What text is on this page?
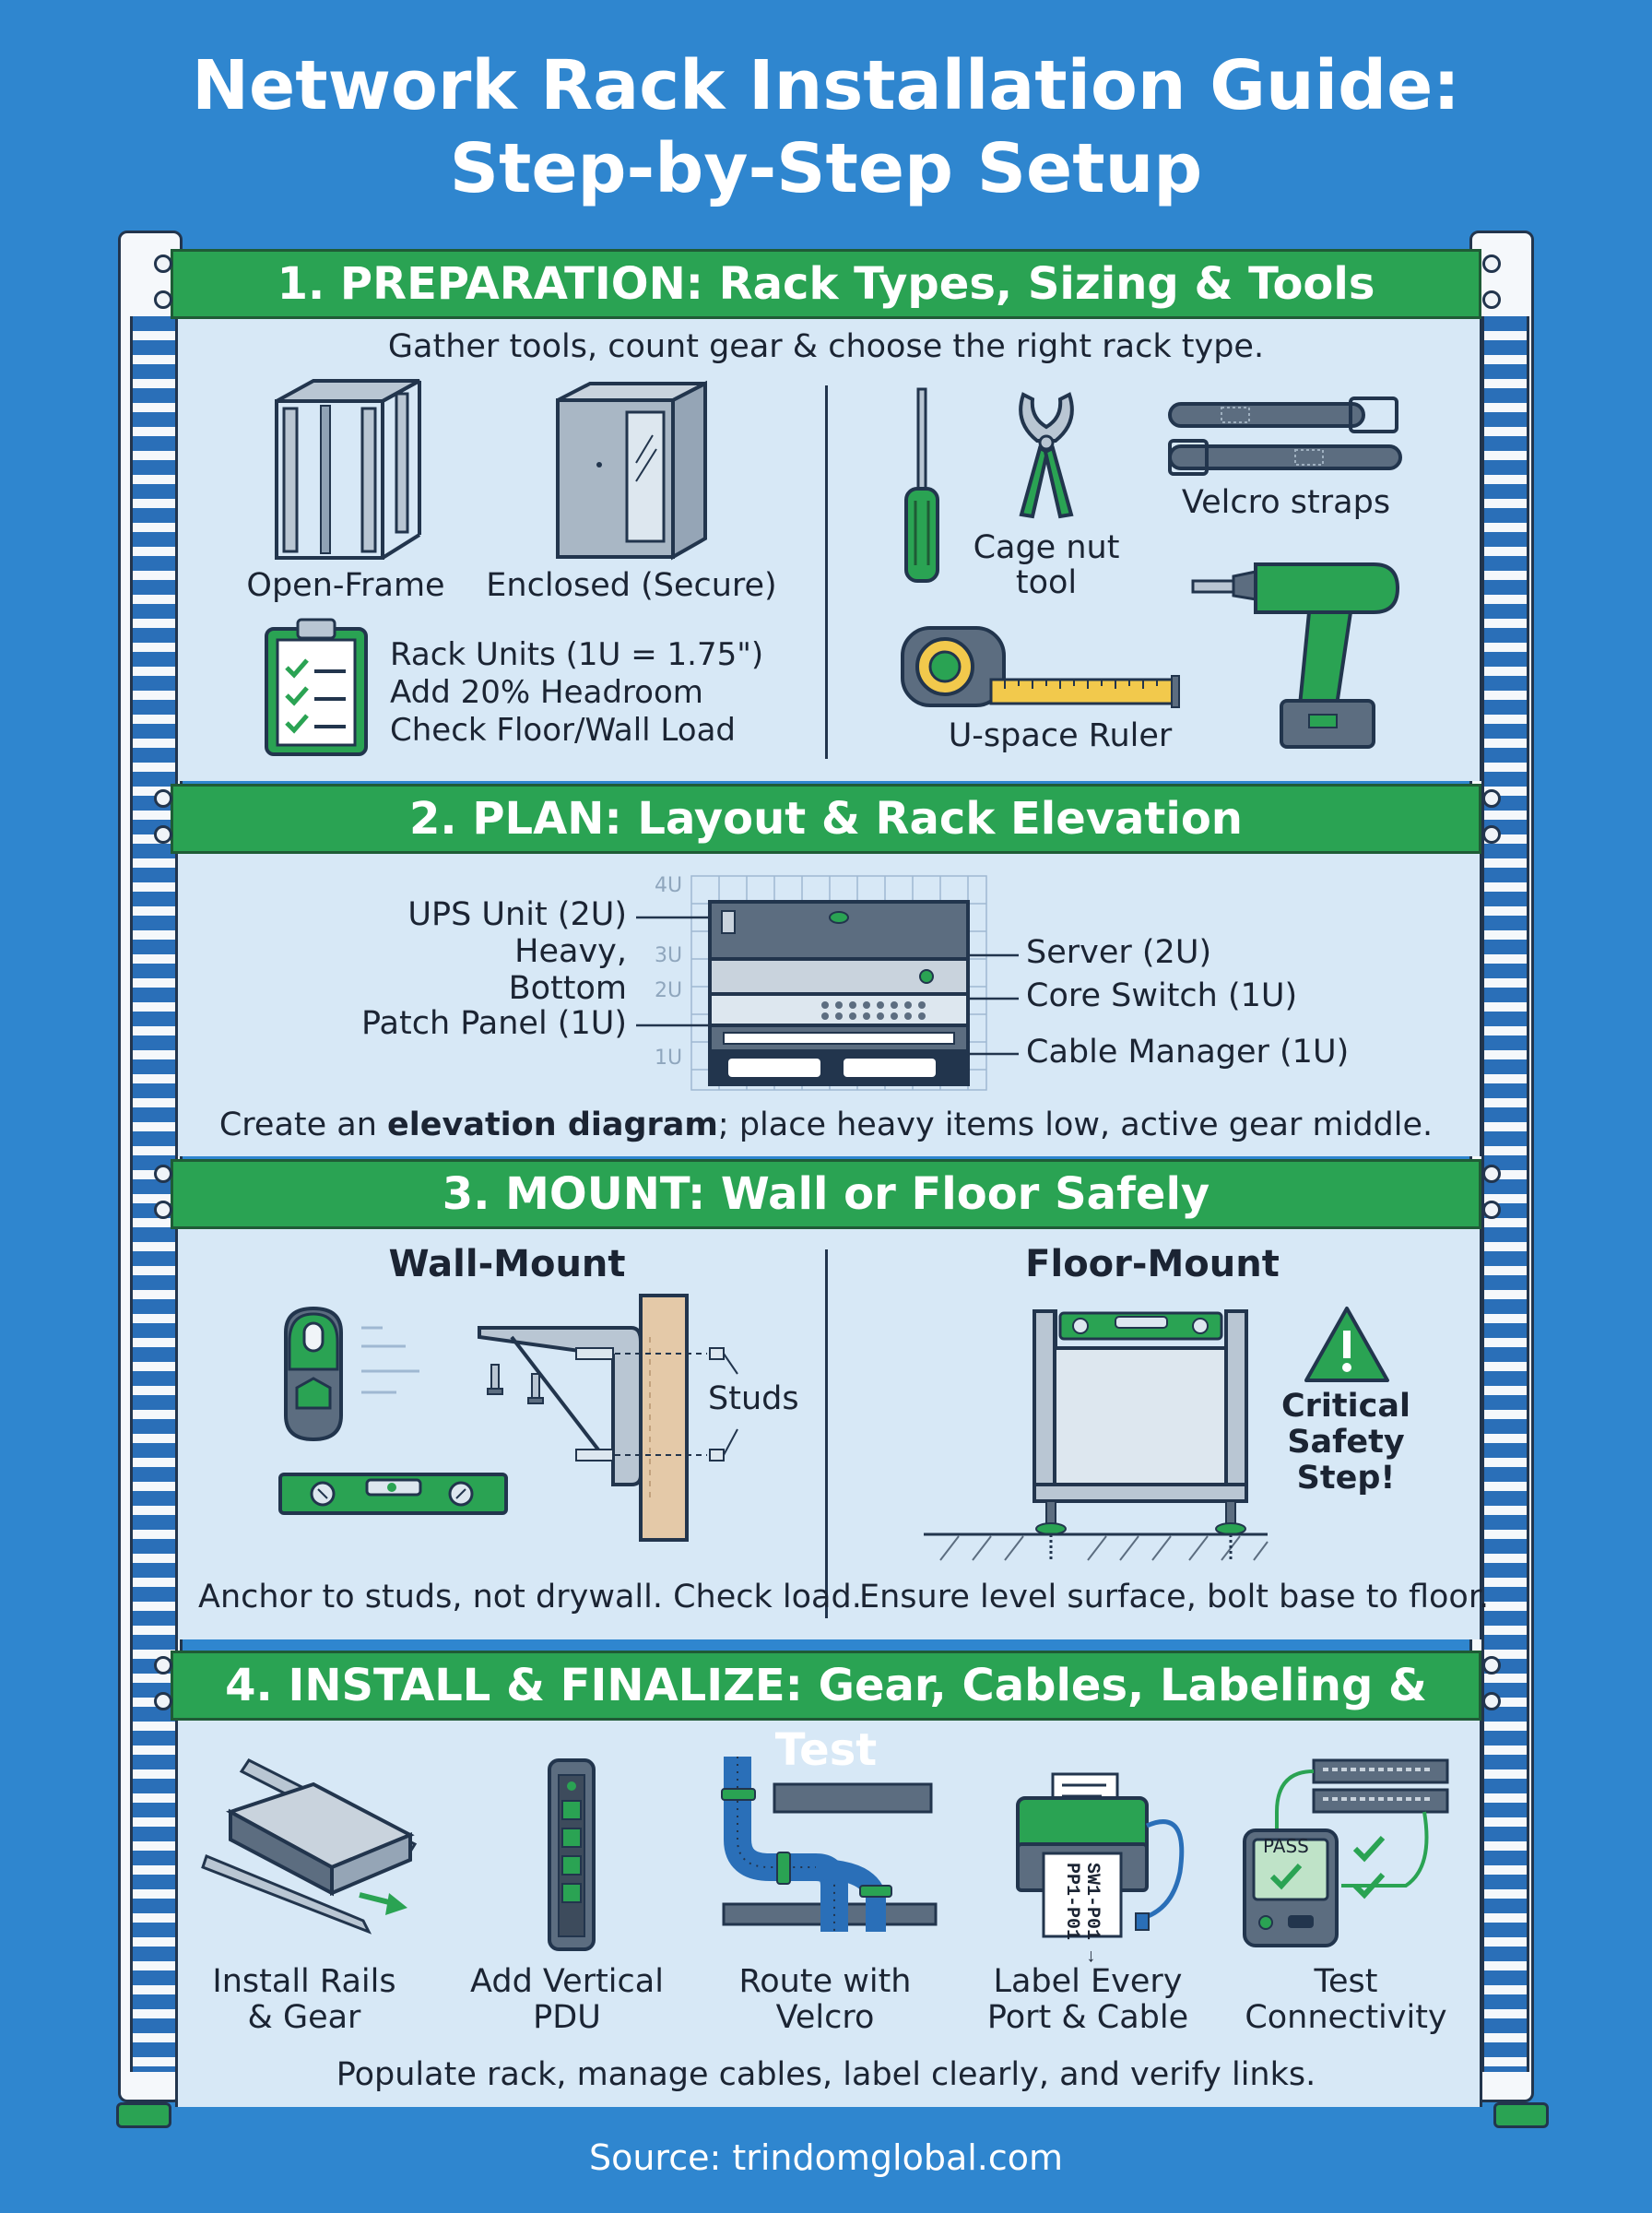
Network Rack Installation Guide:
Step-by-Step Setup
1. PREPARATION: Rack Types, Sizing & Tools
2. PLAN: Layout & Rack Elevation
3. MOUNT: Wall or Floor Safely
4. INSTALL & FINALIZE: Gear, Cables, Labeling & Test
Gather tools, count gear & choose the right rack type.
Open-Frame	Enclosed (Secure)
Rack Units (1U = 1.75")
Add 20% Headroom
Check Floor/Wall Load
Cage nut
tool
Velcro straps
U-space Ruler
4U
3U
2U
1U
UPS Unit (2U)
Heavy, Bottom
Patch Panel (1U)
Server (2U)
Core Switch (1U)
Cable Manager (1U)
Create an elevation diagram; place heavy items low, active gear middle.
Wall-Mount	Floor-Mount
Studs	Critical
Safety
Step!
Anchor to studs, not drywall. Check load.
Ensure level surface, bolt base to floor.
SW1-P01 →
PP1-P01
PASS
Install Rails
& Gear
Add Vertical
PDU
Route with
Velcro
Label Every
Port & Cable
Test
Connectivity
Populate rack, manage cables, label clearly, and verify links.
Source: trindomglobal.com
